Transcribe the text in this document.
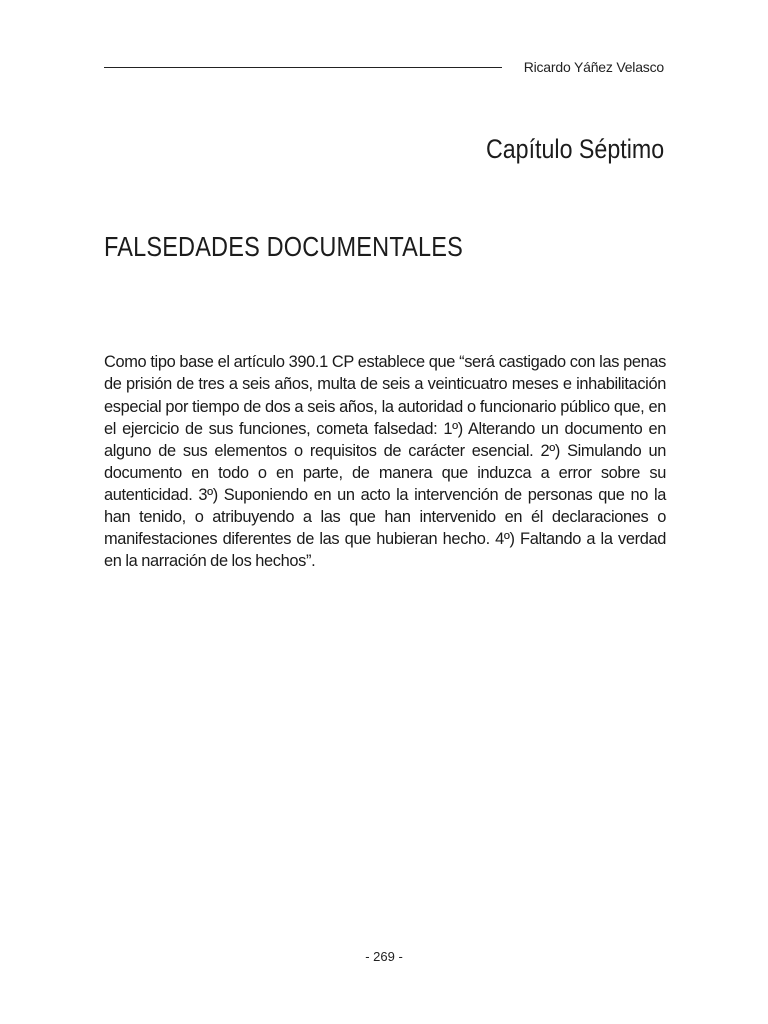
Ricardo Yáñez Velasco
Capítulo Séptimo
FALSEDADES DOCUMENTALES

Como tipo base el artículo 390.1 CP establece que “será castigado con las penas de prisión de tres a seis años, multa de seis a veinticuatro meses e inhabilitación especial por tiempo de dos a seis años, la autoridad o funcionario público que, en el ejercicio de sus funciones, cometa falsedad: 1º) Alterando un documento en alguno de sus elementos o requisitos de carácter esencial. 2º) Simulando un documento en todo o en parte, de manera que induzca a error sobre su autenticidad. 3º) Suponiendo en un acto la intervención de personas que no la han tenido, o atribuyendo a las que han intervenido en él declaraciones o manifestaciones diferentes de las que hubieran hecho. 4º) Faltando a la verdad en la narración de los hechos”.

- 269 -
